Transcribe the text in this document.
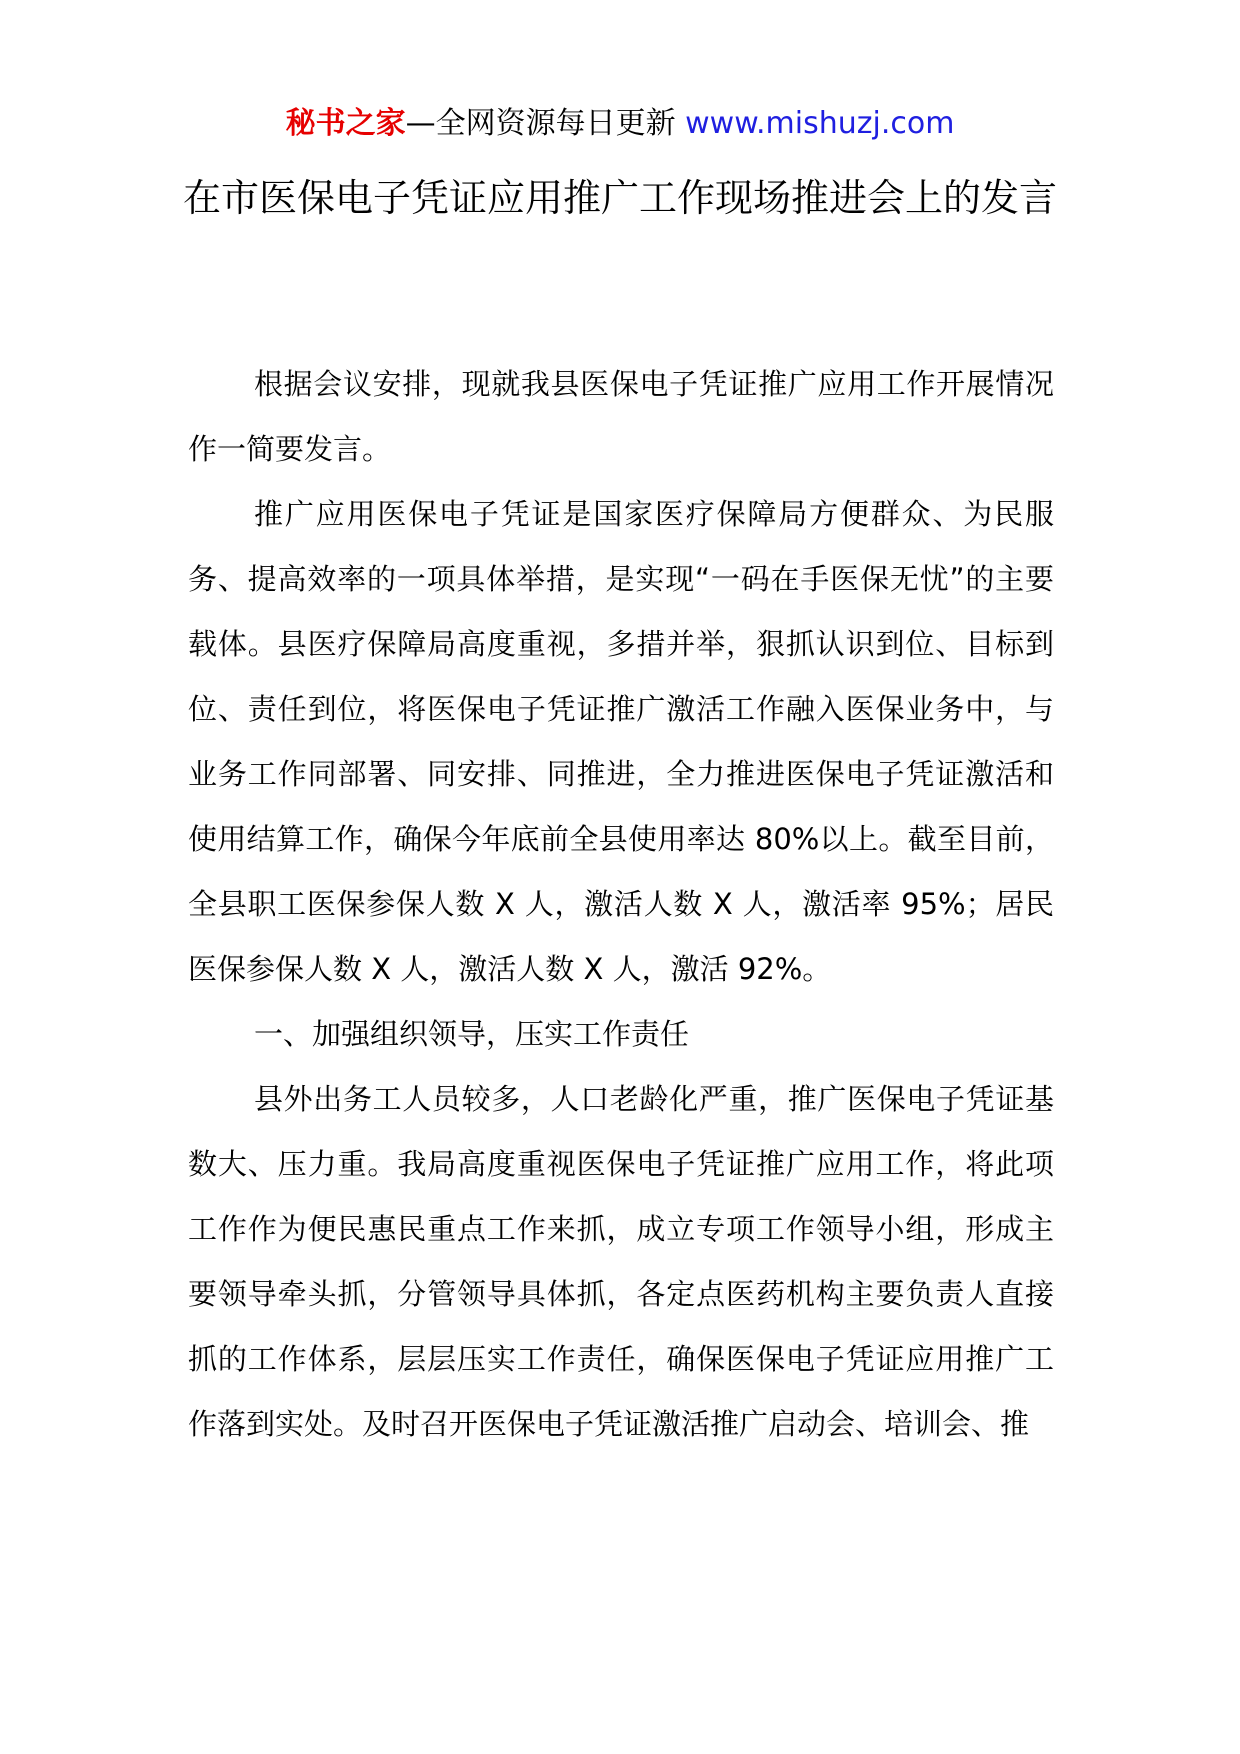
秘书之家—全网资源每日更新 www.mishuzj.com
在市医保电子凭证应用推广工作现场推进会上的发言

根据会议安排，现就我县医保电子凭证推广应用工作开展情况作一简要发言。

推广应用医保电子凭证是国家医疗保障局方便群众、为民服务、提高效率的一项具体举措，是实现“一码在手医保无忧”的主要载体。县医疗保障局高度重视，多措并举，狠抓认识到位、目标到位、责任到位，将医保电子凭证推广激活工作融入医保业务中，与业务工作同部署、同安排、同推进，全力推进医保电子凭证激活和使用结算工作，确保今年底前全县使用率达 80%以上。截至目前，全县职工医保参保人数 X 人，激活人数 X 人，激活率 95%；居民医保参保人数 X 人，激活人数 X 人，激活 92%。

一、加强组织领导，压实工作责任

县外出务工人员较多，人口老龄化严重，推广医保电子凭证基数大、压力重。我局高度重视医保电子凭证推广应用工作，将此项工作作为便民惠民重点工作来抓，成立专项工作领导小组，形成主要领导牵头抓，分管领导具体抓，各定点医药机构主要负责人直接抓的工作体系，层层压实工作责任，确保医保电子凭证应用推广工作落到实处。及时召开医保电子凭证激活推广启动会、培训会、推
